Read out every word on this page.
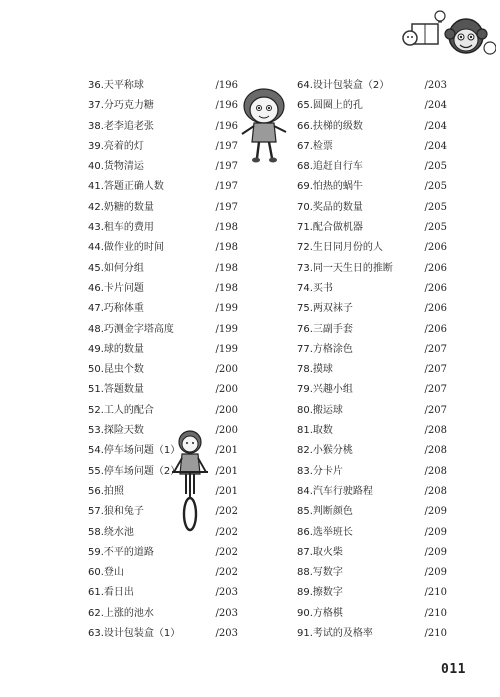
36.天平称球	/196
37.分巧克力糖	/196
38.老李追老张	/196
39.亮着的灯	/197
40.货物清运	/197
41.答题正确人数	/197
42.奶糖的数量	/197
43.租车的费用	/198
44.做作业的时间	/198
45.如何分组	/198
46.卡片问题	/198
47.巧称体重	/199
48.巧测金字塔高度	/199
49.球的数量	/199
50.昆虫个数	/200
51.答题数量	/200
52.工人的配合	/200
53.探险天数	/200
54.停车场问题（1）	/201
55.停车场问题（2）	/201
56.拍照	/201
57.狼和兔子	/202
58.绕水池	/202
59.不平的道路	/202
60.登山	/202
61.看日出	/203
62.上涨的池水	/203
63.设计包装盒（1）	/203
64.设计包装盒（2）	/203
65.圆圈上的孔	/204
66.扶梯的级数	/204
67.检票	/204
68.追赶自行车	/205
69.怕热的蜗牛	/205
70.奖品的数量	/205
71.配合做机器	/205
72.生日同月份的人	/206
73.同一天生日的推断	/206
74.买书	/206
75.两双袜子	/206
76.三副手套	/206
77.方格涂色	/207
78.摸球	/207
79.兴趣小组	/207
80.搬运球	/207
81.取数	/208
82.小猴分桃	/208
83.分卡片	/208
84.汽车行驶路程	/208
85.判断颜色	/209
86.选举班长	/209
87.取火柴	/209
88.写数字	/209
89.擦数字	/210
90.方格棋	/210
91.考试的及格率	/210
011
